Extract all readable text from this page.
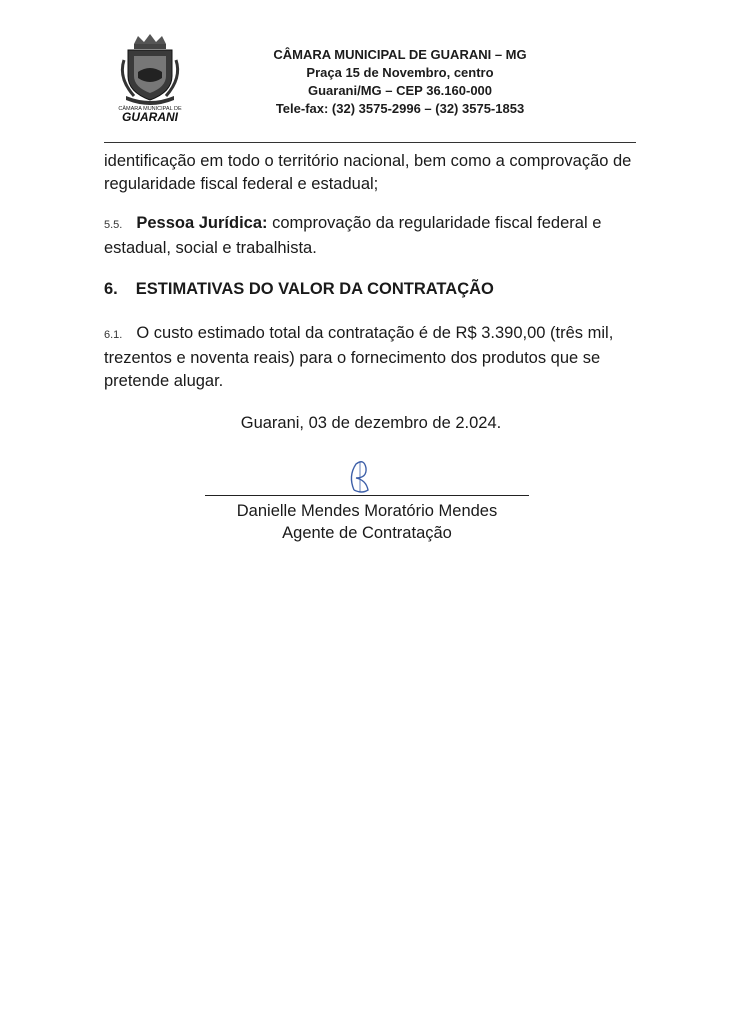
CÂMARA MUNICIPAL DE
GUARANI
CÂMARA MUNICIPAL DE GUARANI – MG
Praça 15 de Novembro, centro
Guarani/MG – CEP 36.160-000
Tele-fax: (32) 3575-2996 – (32) 3575-1853
identificação em todo o território nacional, bem como a comprovação de regularidade fiscal federal e estadual;
5.5. Pessoa Jurídica: comprovação da regularidade fiscal federal e estadual, social e trabalhista.
6. ESTIMATIVAS DO VALOR DA CONTRATAÇÃO
6.1. O custo estimado total da contratação é de R$ 3.390,00 (três mil, trezentos e noventa reais) para o fornecimento dos produtos que se pretende alugar.
Guarani, 03 de dezembro de 2.024.
Danielle Mendes Moratório Mendes
Agente de Contratação
